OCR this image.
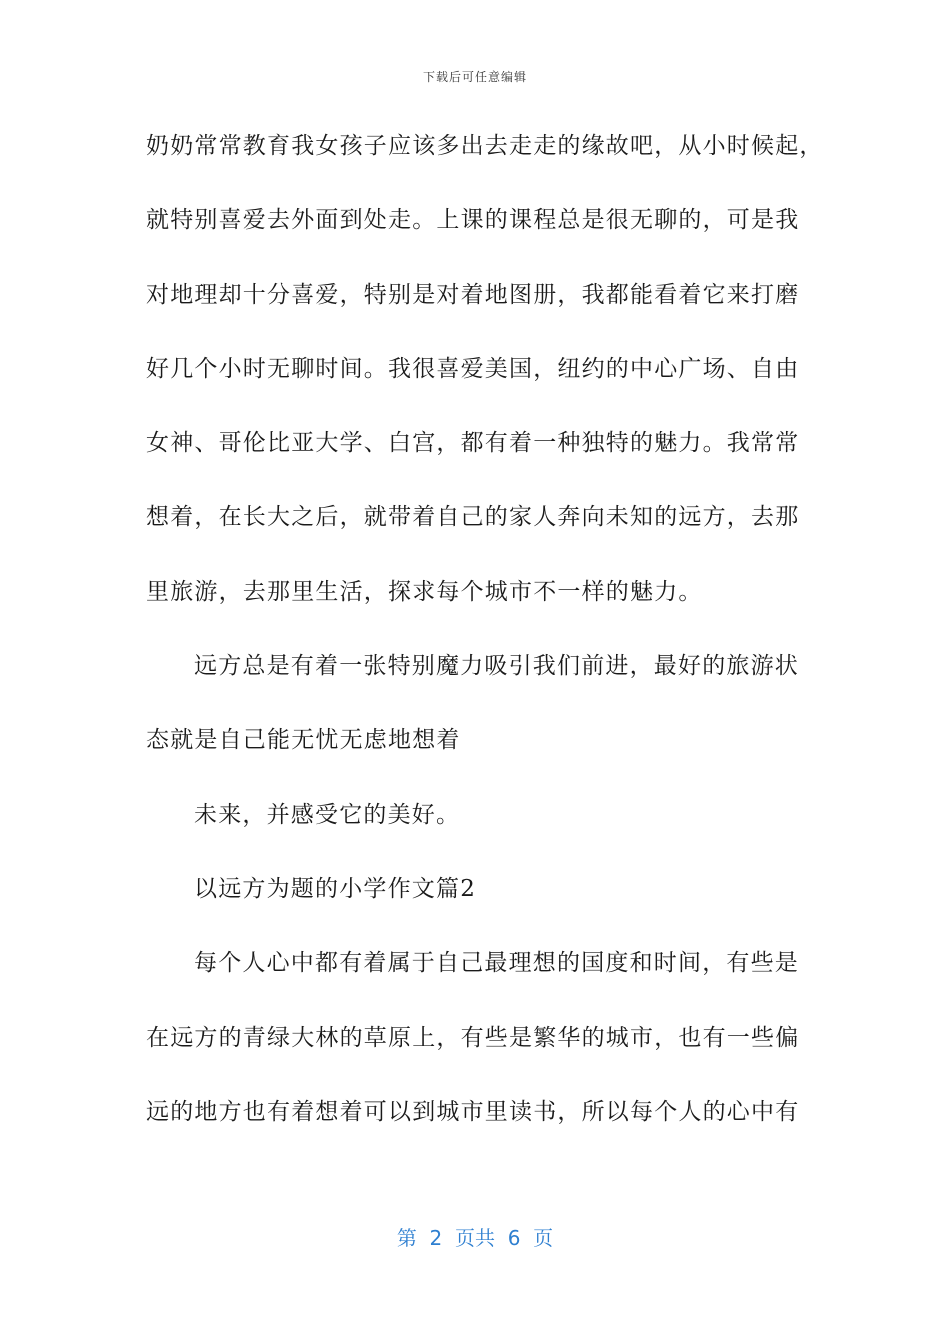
下载后可任意编辑
奶奶常常教育我女孩子应该多出去走走的缘故吧，从小时候起，
就特别喜爱去外面到处走。上课的课程总是很无聊的，可是我
对地理却十分喜爱，特别是对着地图册，我都能看着它来打磨
好几个小时无聊时间。我很喜爱美国，纽约的中心广场、自由
女神、哥伦比亚大学、白宫，都有着一种独特的魅力。我常常
想着，在长大之后，就带着自己的家人奔向未知的远方，去那
里旅游，去那里生活，探求每个城市不一样的魅力。
远方总是有着一张特别魔力吸引我们前进，最好的旅游状
态就是自己能无忧无虑地想着
未来，并感受它的美好。
以远方为题的小学作文篇2
每个人心中都有着属于自己最理想的国度和时间，有些是
在远方的青绿大林的草原上，有些是繁华的城市，也有一些偏
远的地方也有着想着可以到城市里读书，所以每个人的心中有
第  2  页共  6  页
